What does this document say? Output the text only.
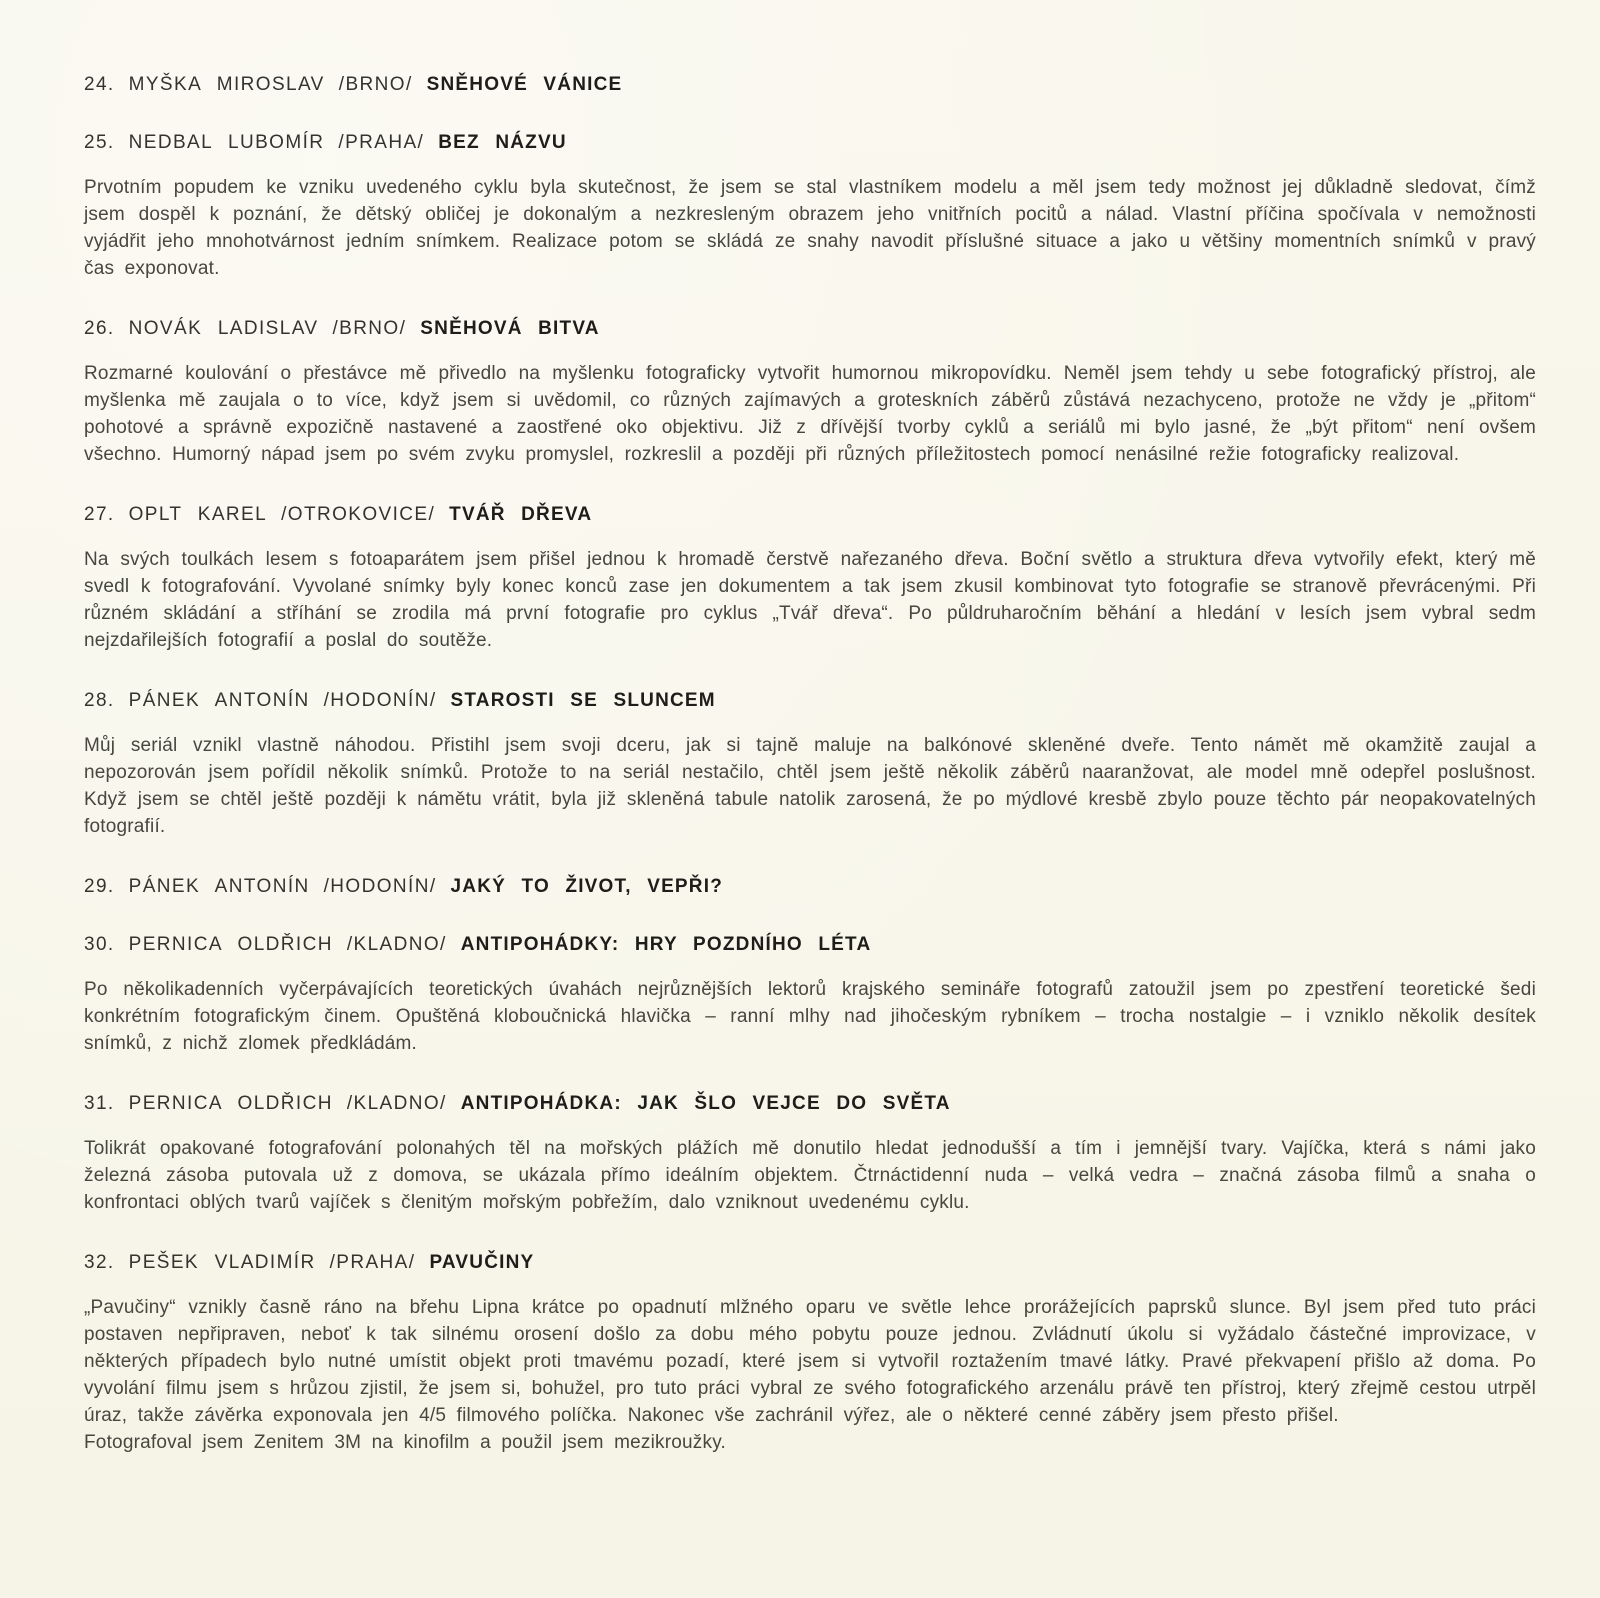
24. MYŠKA MIROSLAV /BRNO/ SNĚHOVÉ VÁNICE
25. NEDBAL LUBOMÍR /PRAHA/ BEZ NÁZVU

Prvotním popudem ke vzniku uvedeného cyklu byla skutečnost, že jsem se stal vlastníkem modelu a měl jsem tedy možnost jej důkladně sledovat, čímž jsem dospěl k poznání, že dětský obličej je dokonalým a nezkresleným obrazem jeho vnitřních pocitů a nálad. Vlastní příčina spočívala v nemožnosti vyjádřit jeho mnohotvárnost jedním snímkem. Realizace potom se skládá ze snahy navodit příslušné situace a jako u většiny momentních snímků v pravý čas exponovat.

26. NOVÁK LADISLAV /BRNO/ SNĚHOVÁ BITVA

Rozmarné koulování o přestávce mě přivedlo na myšlenku fotograficky vytvořit humornou mikropovídku. Neměl jsem tehdy u sebe fotografický přístroj, ale myšlenka mě zaujala o to více, když jsem si uvědomil, co různých zajímavých a groteskních záběrů zůstává nezachyceno, protože ne vždy je „přitom“ pohotové a správně expozičně nastavené a zaostřené oko objektivu. Již z dřívější tvorby cyklů a seriálů mi bylo jasné, že „být přitom“ není ovšem všechno. Humorný nápad jsem po svém zvyku promyslel, rozkreslil a později při různých příležitostech pomocí nenásilné režie fotograficky realizoval.

27. OPLT KAREL /OTROKOVICE/ TVÁŘ DŘEVA

Na svých toulkách lesem s fotoaparátem jsem přišel jednou k hromadě čerstvě nařezaného dřeva. Boční světlo a struktura dřeva vytvořily efekt, který mě svedl k fotografování. Vyvolané snímky byly konec konců zase jen dokumentem a tak jsem zkusil kombinovat tyto fotografie se stranově převrácenými. Při různém skládání a stříhání se zrodila má první fotografie pro cyklus „Tvář dřeva“. Po půldruharočním běhání a hledání v lesích jsem vybral sedm nejzdařilejších fotografií a poslal do soutěže.

28. PÁNEK ANTONÍN /HODONÍN/ STAROSTI SE SLUNCEM

Můj seriál vznikl vlastně náhodou. Přistihl jsem svoji dceru, jak si tajně maluje na balkónové skleněné dveře. Tento námět mě okamžitě zaujal a nepozorován jsem pořídil několik snímků. Protože to na seriál nestačilo, chtěl jsem ještě několik záběrů naaranžovat, ale model mně odepřel poslušnost. Když jsem se chtěl ještě později k námětu vrátit, byla již skleněná tabule natolik zarosená, že po mýdlové kresbě zbylo pouze těchto pár neopakovatelných fotografií.

29. PÁNEK ANTONÍN /HODONÍN/ JAKÝ TO ŽIVOT, VEPŘI?
30. PERNICA OLDŘICH /KLADNO/ ANTIPOHÁDKY: HRY POZDNÍHO LÉTA

Po několikadenních vyčerpávajících teoretických úvahách nejrůznějších lektorů krajského semináře fotografů zatoužil jsem po zpestření teoretické šedi konkrétním fotografickým činem. Opuštěná kloboučnická hlavička – ranní mlhy nad jihočeským rybníkem – trocha nostalgie – i vzniklo několik desítek snímků, z nichž zlomek předkládám.

31. PERNICA OLDŘICH /KLADNO/ ANTIPOHÁDKA: JAK ŠLO VEJCE DO SVĚTA

Tolikrát opakované fotografování polonahých těl na mořských plážích mě donutilo hledat jednodušší a tím i jemnější tvary. Vajíčka, která s námi jako železná zásoba putovala už z domova, se ukázala přímo ideálním objektem. Čtrnáctidenní nuda – velká vedra – značná zásoba filmů a snaha o konfrontaci oblých tvarů vajíček s členitým mořským pobřežím, dalo vzniknout uvedenému cyklu.

32. PEŠEK VLADIMÍR /PRAHA/ PAVUČINY

„Pavučiny“ vznikly časně ráno na břehu Lipna krátce po opadnutí mlžného oparu ve světle lehce prorážejících paprsků slunce. Byl jsem před tuto práci postaven nepřipraven, neboť k tak silnému orosení došlo za dobu mého pobytu pouze jednou. Zvládnutí úkolu si vyžádalo částečné improvizace, v některých případech bylo nutné umístit objekt proti tmavému pozadí, které jsem si vytvořil roztažením tmavé látky. Pravé překvapení přišlo až doma. Po vyvolání filmu jsem s hrůzou zjistil, že jsem si, bohužel, pro tuto práci vybral ze svého fotografického arzenálu právě ten přístroj, který zřejmě cestou utrpěl úraz, takže závěrka exponovala jen 4/5 filmového políčka. Nakonec vše zachránil výřez, ale o některé cenné záběry jsem přesto přišel.

Fotografoval jsem Zenitem 3M na kinofilm a použil jsem mezikroužky.
